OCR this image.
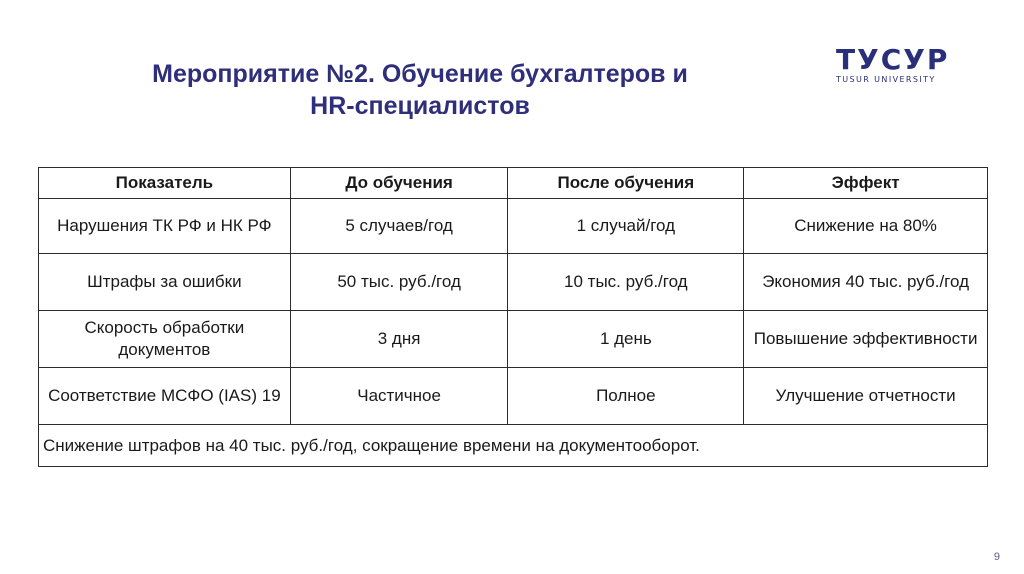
Мероприятие №2. Обучение бухгалтеров и
HR-специалистов
ТУСУР
TUSUR UNIVERSITY
Показатель	До обучения	После обучения	Эффект
Нарушения ТК РФ и НК РФ	5 случаев/год	1 случай/год	Снижение на 80%
Штрафы за ошибки	50 тыс. руб./год	10 тыс. руб./год	Экономия 40 тыс. руб./год
Скорость обработки документов	3 дня	1 день	Повышение эффективности
Соответствие МСФО (IAS) 19	Частичное	Полное	Улучшение отчетности
Снижение штрафов на 40 тыс. руб./год, сокращение времени на документооборот.			
9
